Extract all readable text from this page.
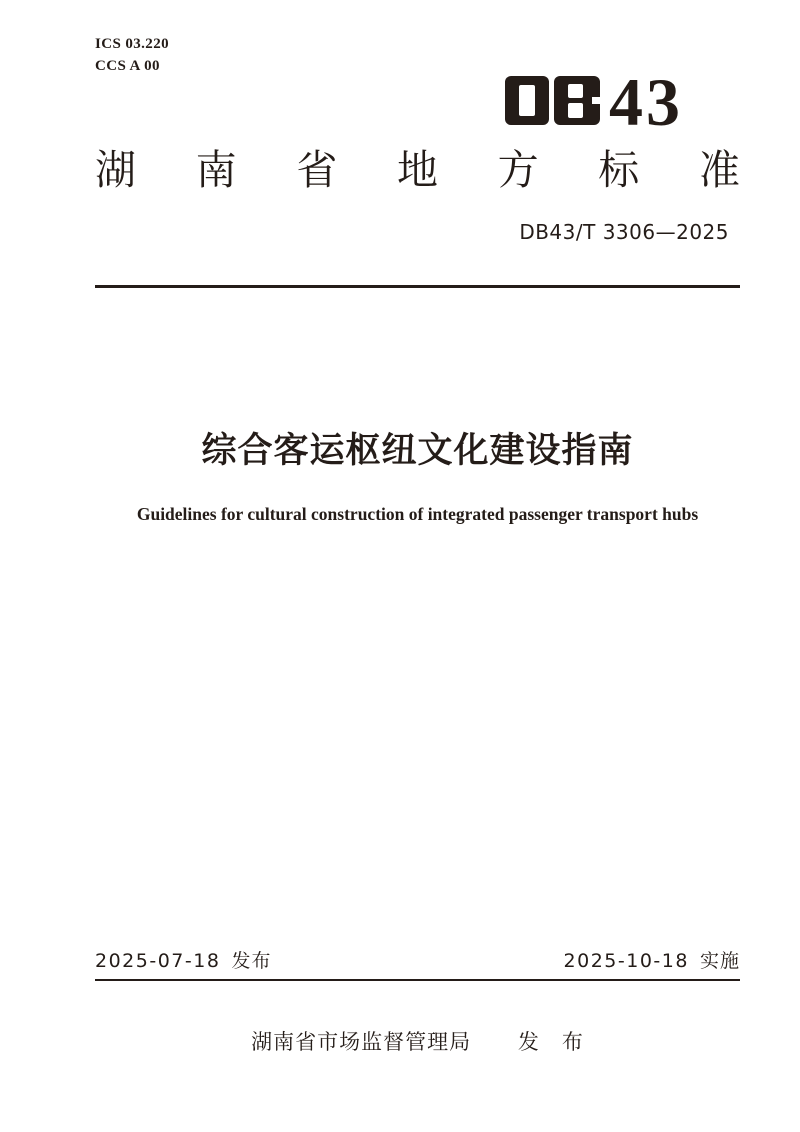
ICS 03.220
CCS A 00	43
湖 南 省 地 方 标 准
DB43/T 3306—2025
综合客运枢纽文化建设指南
Guidelines for cultural construction of integrated passenger transport hubs
2025-07-18 发布	2025-10-18 实施
湖南省市场监督管理局 发　布
